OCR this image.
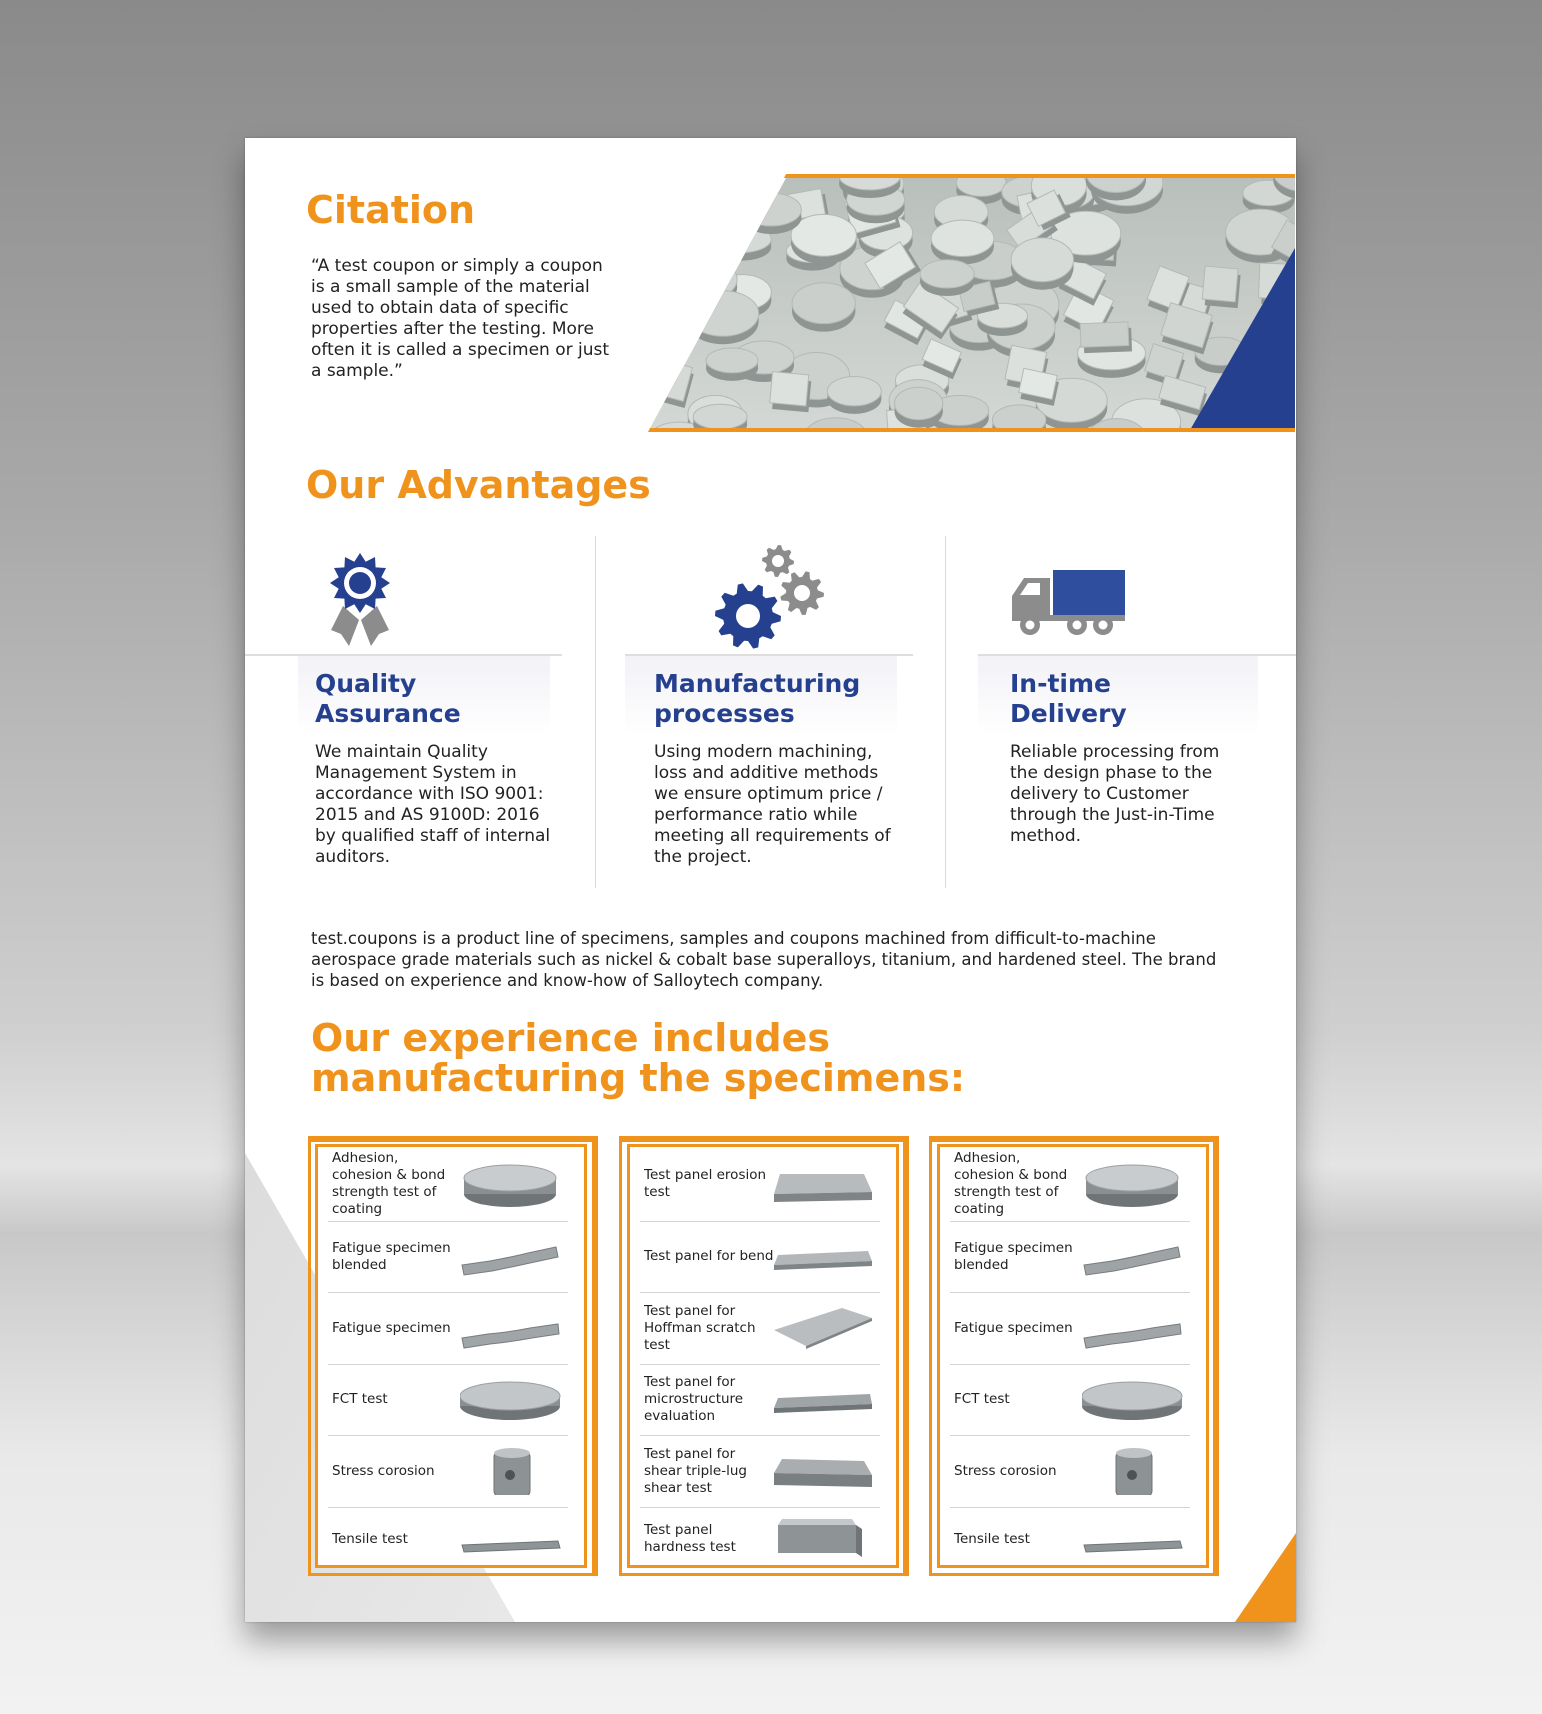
Citation
“A test coupon or simply a coupon is a small sample of the material used to obtain data of specific properties after the testing. More often it is called a specimen or just a sample.”
Our Advantages
Quality
Assurance
We maintain Quality Management System in accordance with ISO 9001: 2015 and AS 9100D: 2016 by qualified staff of internal auditors.
Manufacturing
processes
Using modern machining, loss and additive methods we ensure optimum price / performance ratio while meeting all requirements of the project.
In-time
Delivery
Reliable processing from the design phase to the delivery to Customer through the Just-in-Time method.
test.coupons is a product line of specimens, samples and coupons machined from difficult-to-machine aerospace grade materials such as nickel & cobalt base superalloys, titanium, and hardened steel. The brand is based on experience and know-how of Salloytech company.
Our experience includes
manufacturing the specimens:
Adhesion, cohesion & bond strength test of coating
Fatigue specimen blended
Fatigue specimen
FCT test
Stress corosion
Tensile test
Test panel erosion test
Test panel for bend
Test panel for Hoffman scratch test
Test panel for microstructure evaluation
Test panel for shear triple-lug shear test
Test panel hardness test
Adhesion, cohesion & bond strength test of coating
Fatigue specimen blended
Fatigue specimen
FCT test
Stress corosion
Tensile test
